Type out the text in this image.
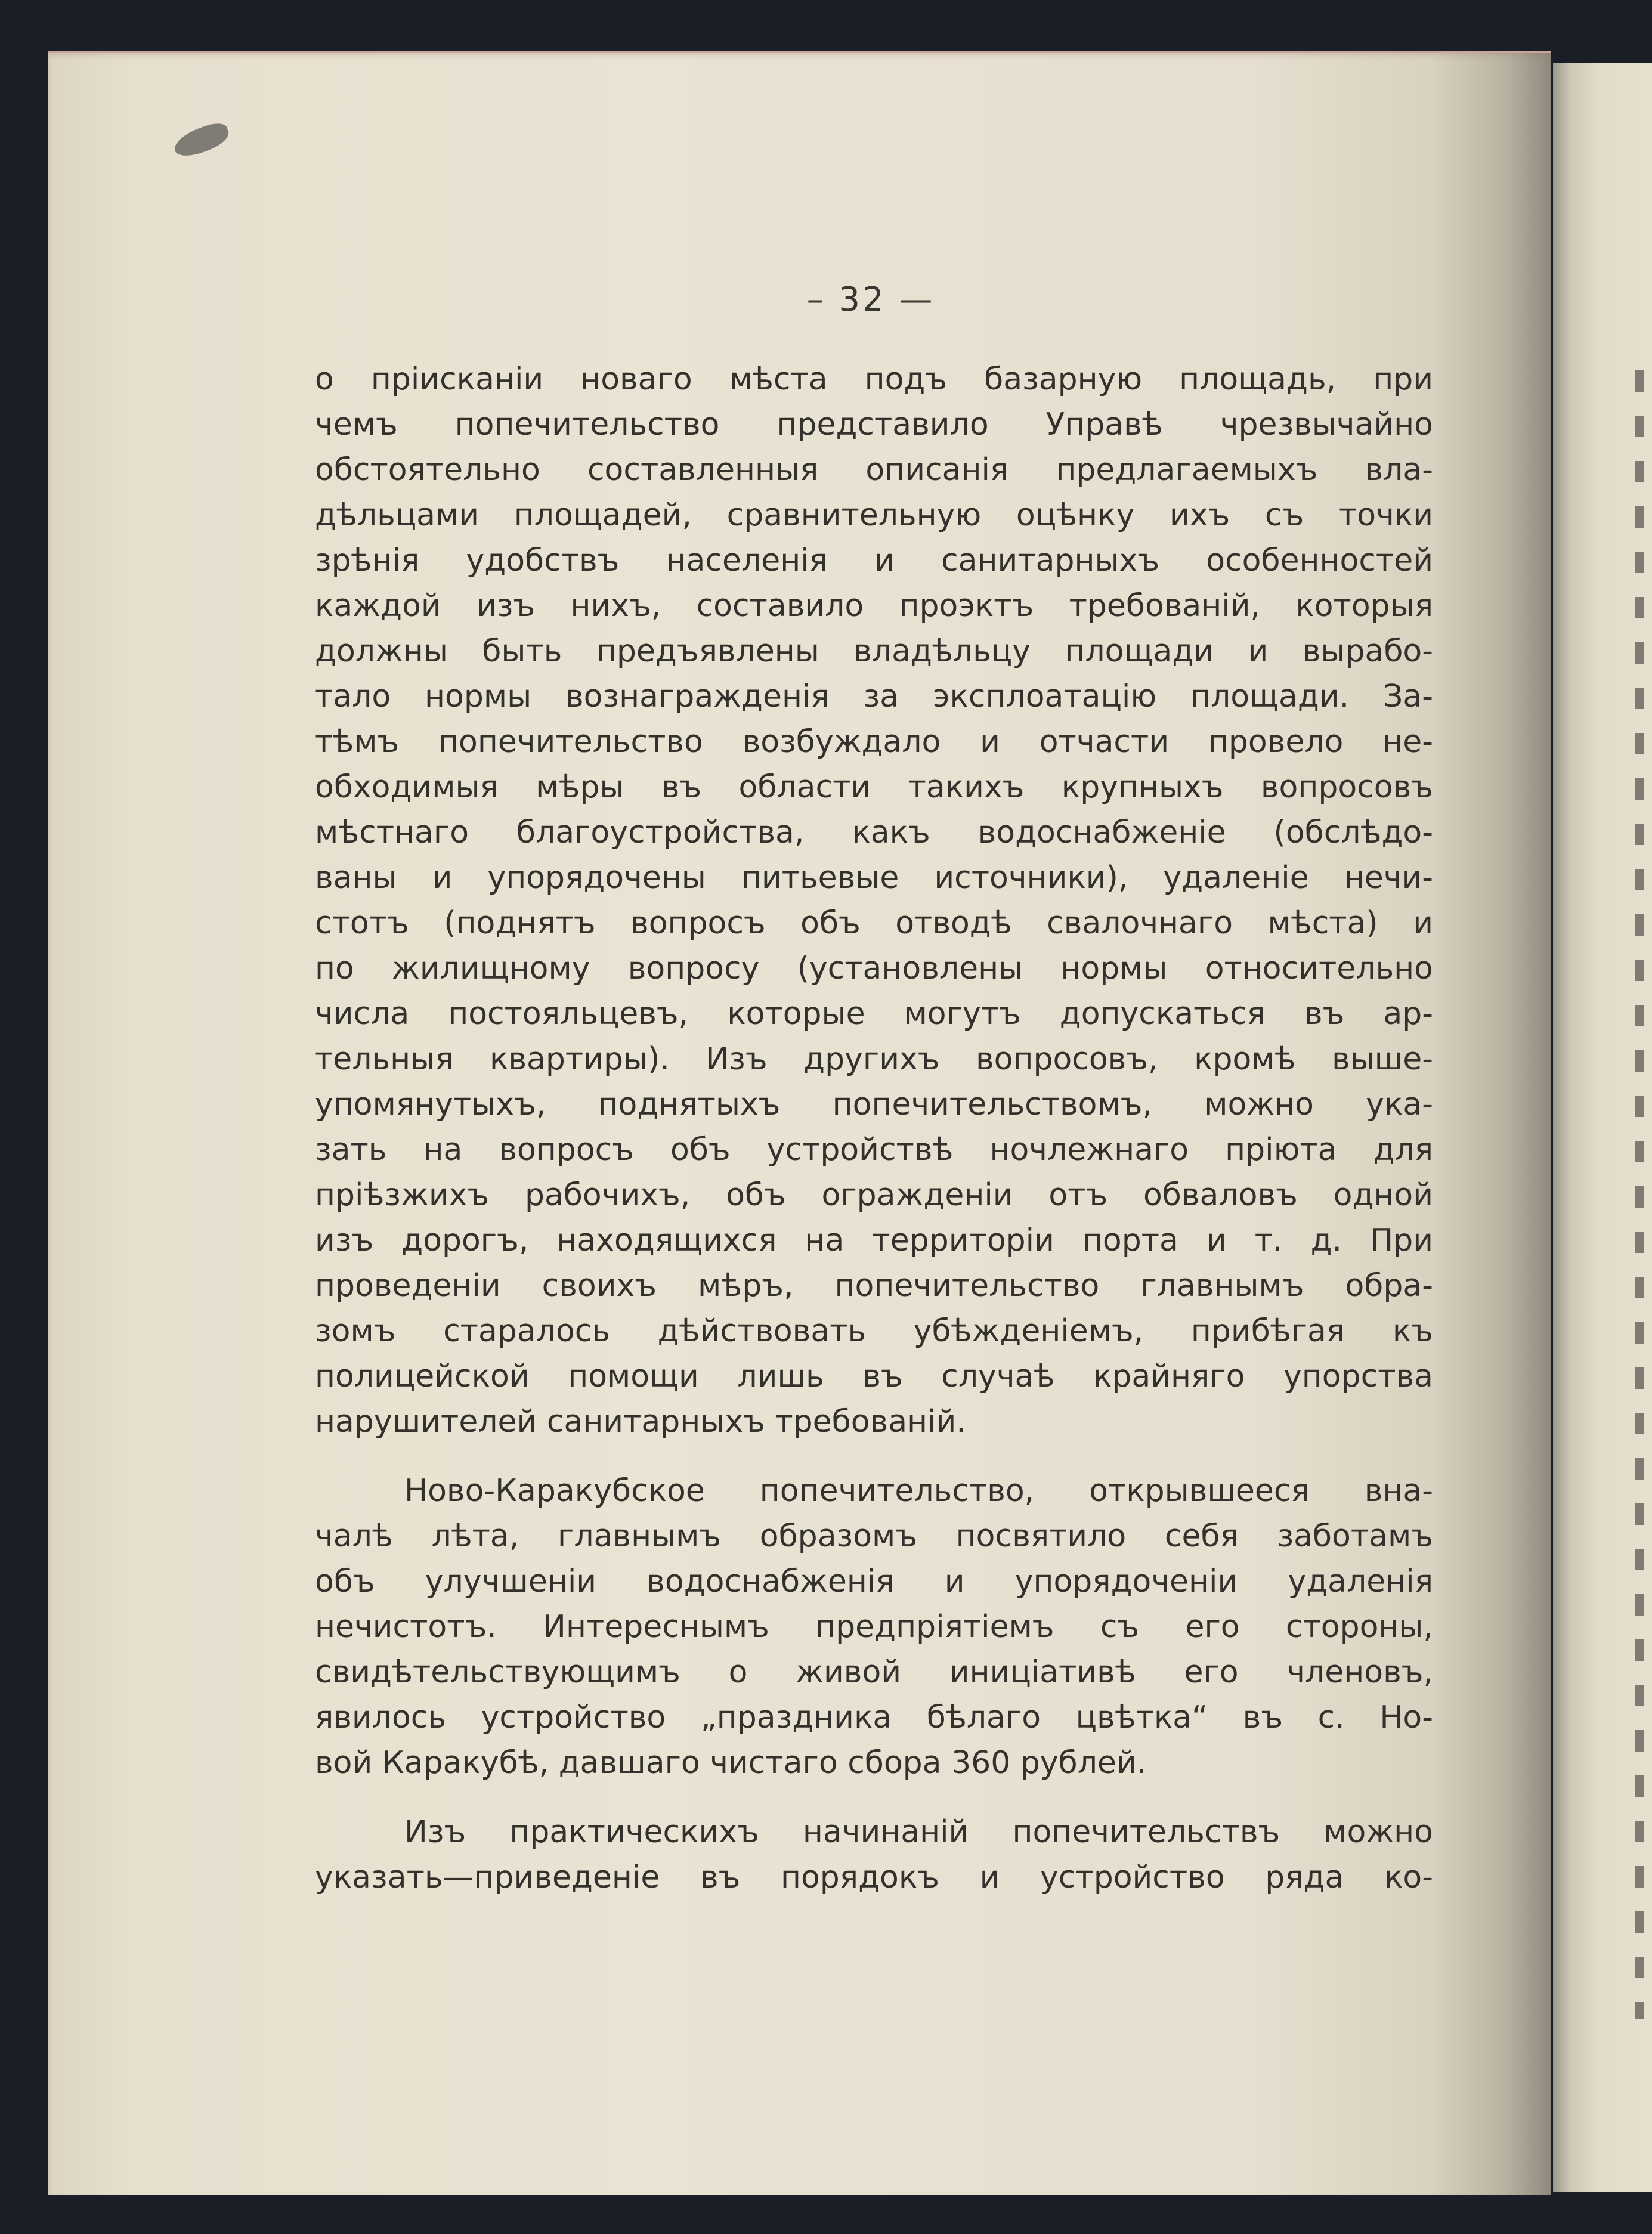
– 32 —
о пріисканіи новаго мѣста подъ базарную площадь, при
чемъ попечительство представило Управѣ чрезвычайно
обстоятельно составленныя описанія предлагаемыхъ вла-
дѣльцами площадей, сравнительную оцѣнку ихъ съ точки
зрѣнія удобствъ населенія и санитарныхъ особенностей
каждой изъ нихъ, составило проэктъ требованій, которыя
должны быть предъявлены владѣльцу площади и вырабо-
тало нормы вознагражденія за эксплоатацію площади. За-
тѣмъ попечительство возбуждало и отчасти провело не-
обходимыя мѣры въ области такихъ крупныхъ вопросовъ
мѣстнаго благоустройства, какъ водоснабженіе (обслѣдо-
ваны и упорядочены питьевые источники), удаленіе нечи-
стотъ (поднятъ вопросъ объ отводѣ свалочнаго мѣста) и
по жилищному вопросу (установлены нормы относительно
числа постояльцевъ, которые могутъ допускаться въ ар-
тельныя квартиры). Изъ другихъ вопросовъ, кромѣ выше-
упомянутыхъ, поднятыхъ попечительствомъ, можно ука-
зать на вопросъ объ устройствѣ ночлежнаго пріюта для
пріѣзжихъ рабочихъ, объ огражденіи отъ обваловъ одной
изъ дорогъ, находящихся на территоріи порта и т. д. При
проведеніи своихъ мѣръ, попечительство главнымъ обра-
зомъ старалось дѣйствовать убѣжденіемъ, прибѣгая къ
полицейской помощи лишь въ случаѣ крайняго упорства
нарушителей санитарныхъ требованій.
Ново-Каракубское попечительство, открывшееся вна-
чалѣ лѣта, главнымъ образомъ посвятило себя заботамъ
объ улучшеніи водоснабженія и упорядоченіи удаленія
нечистотъ. Интереснымъ предпріятіемъ съ его стороны,
свидѣтельствующимъ о живой иниціативѣ его членовъ,
явилось устройство „праздника бѣлаго цвѣтка“ въ с. Но-
вой Каракубѣ, давшаго чистаго сбора 360 рублей.
Изъ практическихъ начинаній попечительствъ можно
указать—приведеніе въ порядокъ и устройство ряда ко-
